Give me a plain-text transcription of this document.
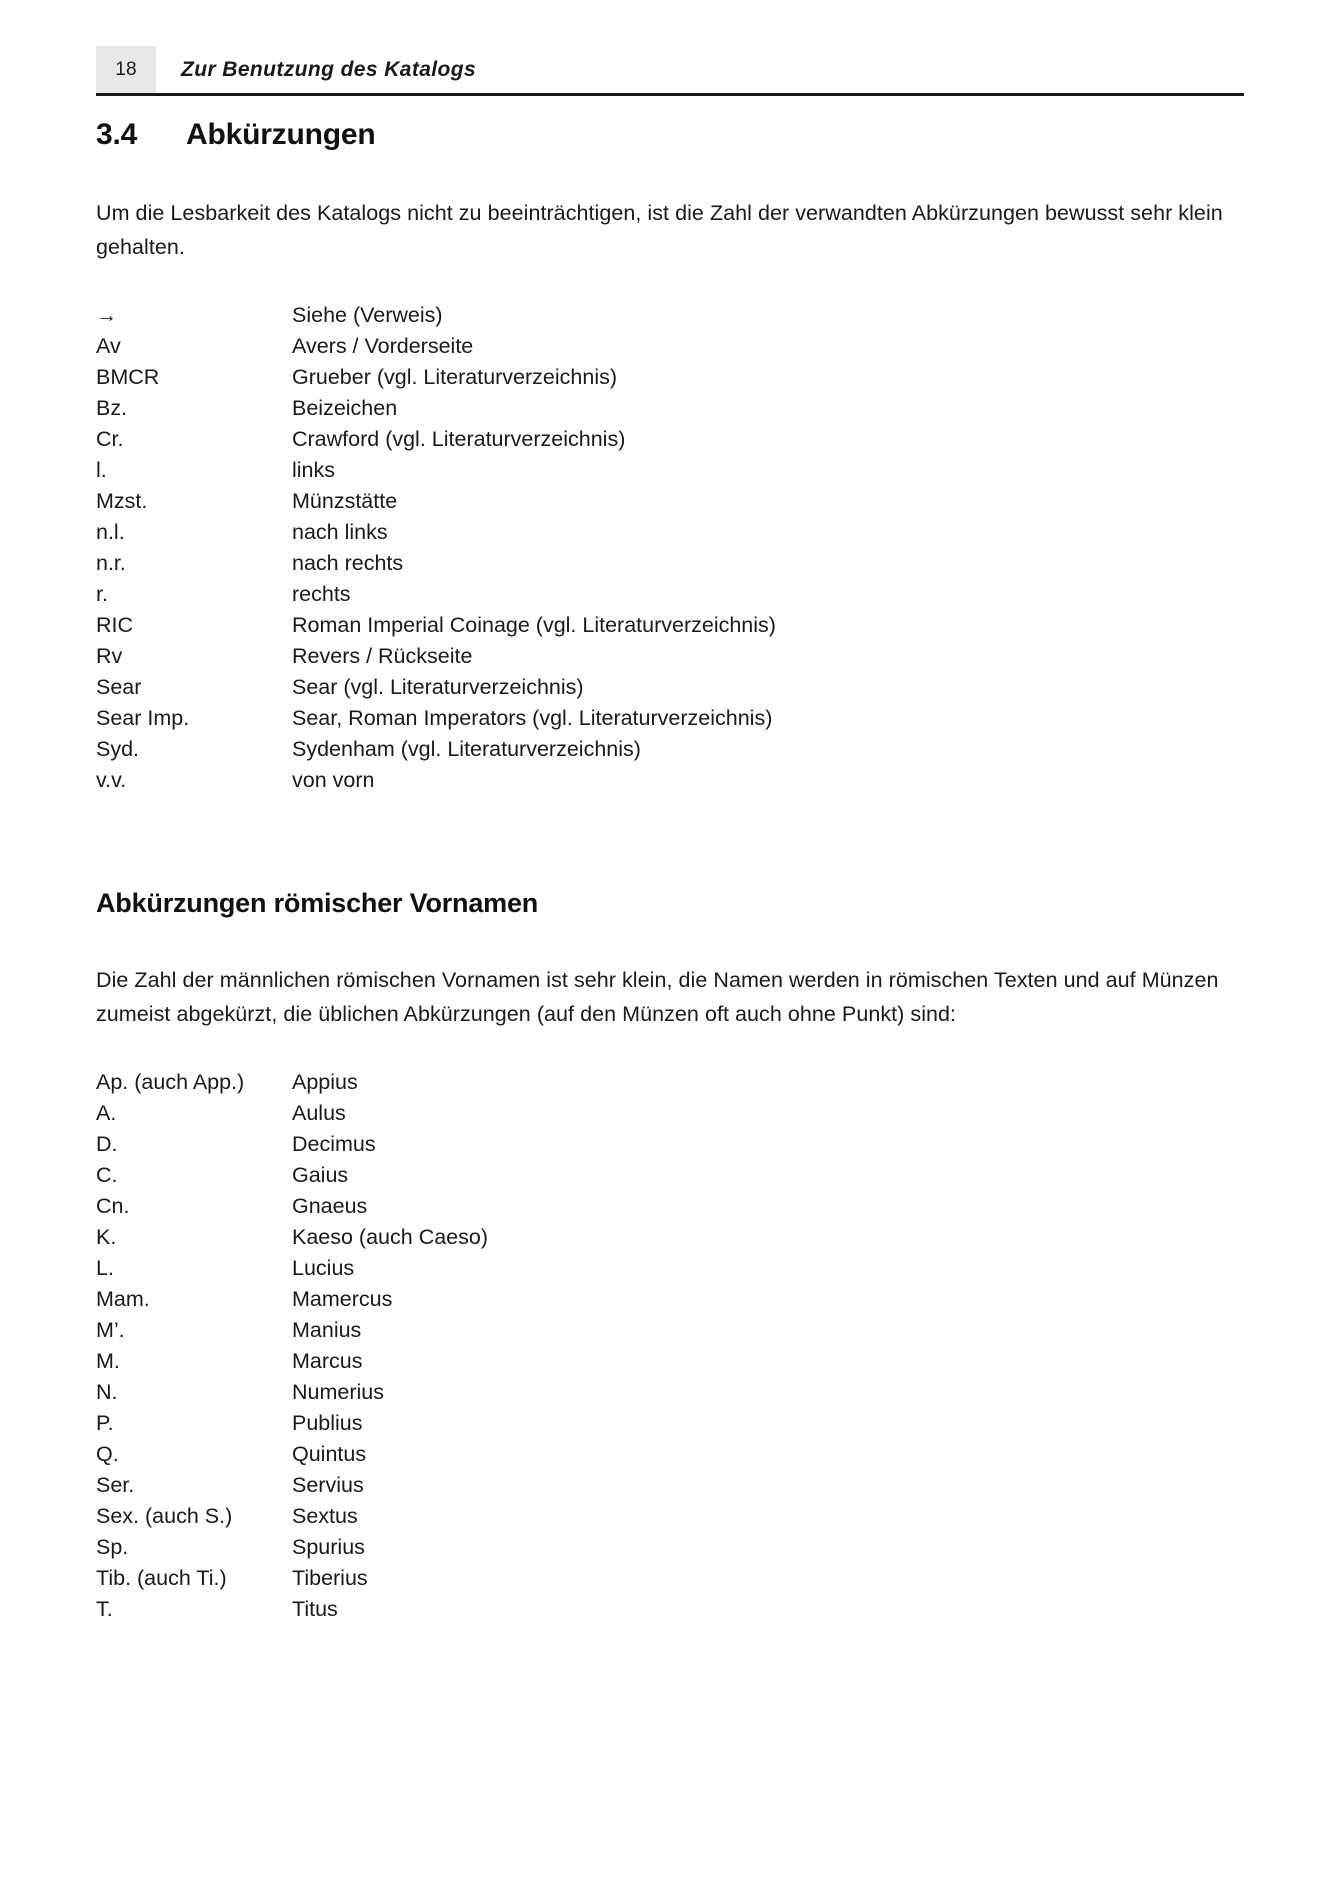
18	Zur Benutzung des Katalogs
3.4	Abkürzungen

Um die Lesbarkeit des Katalogs nicht zu beeinträchtigen, ist die Zahl der verwandten Abkürzungen bewusst sehr klein gehalten.

→	Siehe (Verweis)
Av	Avers / Vorderseite
BMCR	Grueber (vgl. Literaturverzeichnis)
Bz.	Beizeichen
Cr.	Crawford (vgl. Literaturverzeichnis)
l.	links
Mzst.	Münzstätte
n.l.	nach links
n.r.	nach rechts
r.	rechts
RIC	Roman Imperial Coinage (vgl. Literaturverzeichnis)
Rv	Revers / Rückseite
Sear	Sear (vgl. Literaturverzeichnis)
Sear Imp.	Sear, Roman Imperators (vgl. Literaturverzeichnis)
Syd.	Sydenham (vgl. Literaturverzeichnis)
v.v.	von vorn
Abkürzungen römischer Vornamen

Die Zahl der männlichen römischen Vornamen ist sehr klein, die Namen werden in römischen Texten und auf Münzen zumeist abgekürzt, die üblichen Abkürzungen (auf den Münzen oft auch ohne Punkt) sind:

Ap. (auch App.)	Appius
A.	Aulus
D.	Decimus
C.	Gaius
Cn.	Gnaeus
K.	Kaeso (auch Caeso)
L.	Lucius
Mam.	Mamercus
M’.	Manius
M.	Marcus
N.	Numerius
P.	Publius
Q.	Quintus
Ser.	Servius
Sex. (auch S.)	Sextus
Sp.	Spurius
Tib. (auch Ti.)	Tiberius
T.	Titus
